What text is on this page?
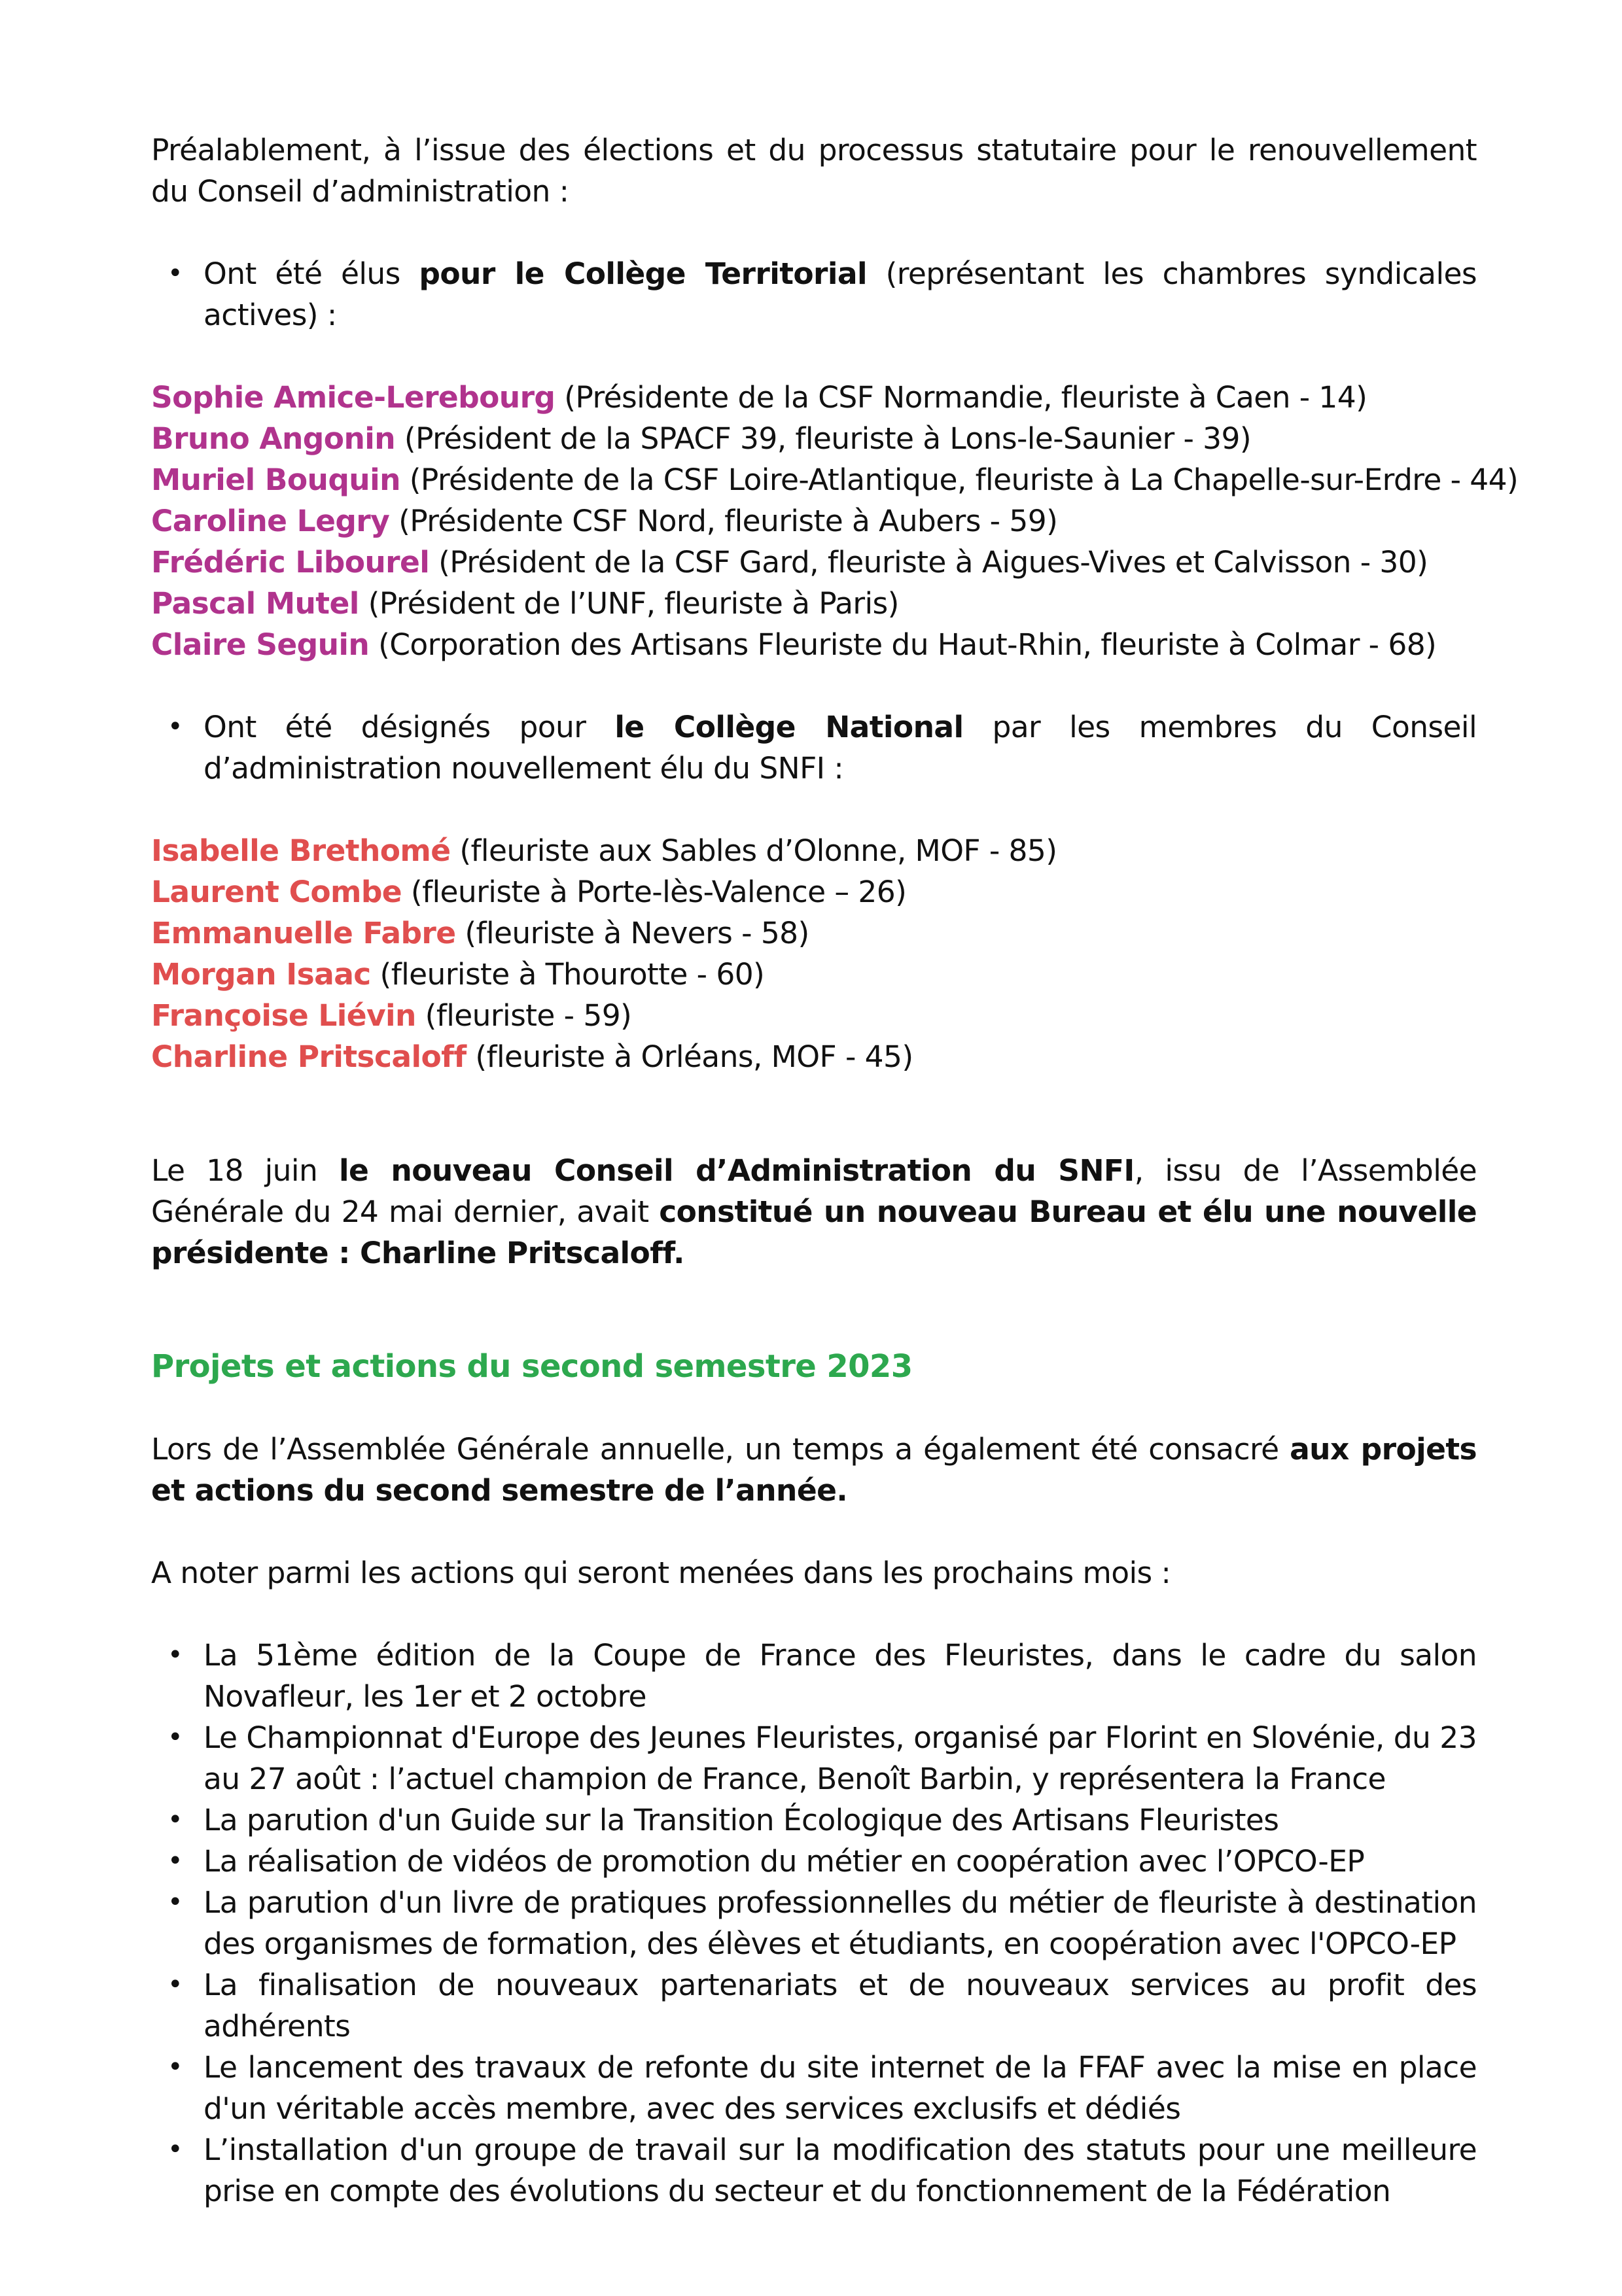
Préalablement, à l’issue des élections et du processus statutaire pour le renouvellement du Conseil d’administration :

• Ont été élus pour le Collège Territorial (représentant les chambres syndicales actives) :
Sophie Amice-Lerebourg (Présidente de la CSF Normandie, fleuriste à Caen - 14)
Bruno Angonin (Président de la SPACF 39, fleuriste à Lons-le-Saunier - 39)
Muriel Bouquin (Présidente de la CSF Loire-Atlantique, fleuriste à La Chapelle-sur-Erdre - 44)
Caroline Legry (Présidente CSF Nord, fleuriste à Aubers - 59)
Frédéric Libourel (Président de la CSF Gard, fleuriste à Aigues-Vives et Calvisson - 30)
Pascal Mutel (Président de l’UNF, fleuriste à Paris)
Claire Seguin (Corporation des Artisans Fleuriste du Haut-Rhin, fleuriste à Colmar - 68)
• Ont été désignés pour le Collège National par les membres du Conseil d’administration nouvellement élu du SNFI :
Isabelle Brethomé (fleuriste aux Sables d’Olonne, MOF - 85)
Laurent Combe (fleuriste à Porte-lès-Valence – 26)
Emmanuelle Fabre (fleuriste à Nevers - 58)
Morgan Isaac (fleuriste à Thourotte - 60)
Françoise Liévin (fleuriste - 59)
Charline Pritscaloff (fleuriste à Orléans, MOF - 45)

Le 18 juin le nouveau Conseil d’Administration du SNFI, issu de l’Assemblée Générale du 24 mai dernier, avait constitué un nouveau Bureau et élu une nouvelle présidente : Charline Pritscaloff.

Projets et actions du second semestre 2023

Lors de l’Assemblée Générale annuelle, un temps a également été consacré aux projets et actions du second semestre de l’année.

A noter parmi les actions qui seront menées dans les prochains mois :

• La 51ème édition de la Coupe de France des Fleuristes, dans le cadre du salon Novafleur, les 1er et 2 octobre
• Le Championnat d'Europe des Jeunes Fleuristes, organisé par Florint en Slovénie, du 23 au 27 août : l’actuel champion de France, Benoît Barbin, y représentera la France
• La parution d'un Guide sur la Transition Écologique des Artisans Fleuristes
• La réalisation de vidéos de promotion du métier en coopération avec l’OPCO-EP
• La parution d'un livre de pratiques professionnelles du métier de fleuriste à destination des organismes de formation, des élèves et étudiants, en coopération avec l'OPCO-EP
• La finalisation de nouveaux partenariats et de nouveaux services au profit des adhérents
• Le lancement des travaux de refonte du site internet de la FFAF avec la mise en place d'un véritable accès membre, avec des services exclusifs et dédiés
• L’installation d'un groupe de travail sur la modification des statuts pour une meilleure prise en compte des évolutions du secteur et du fonctionnement de la Fédération
